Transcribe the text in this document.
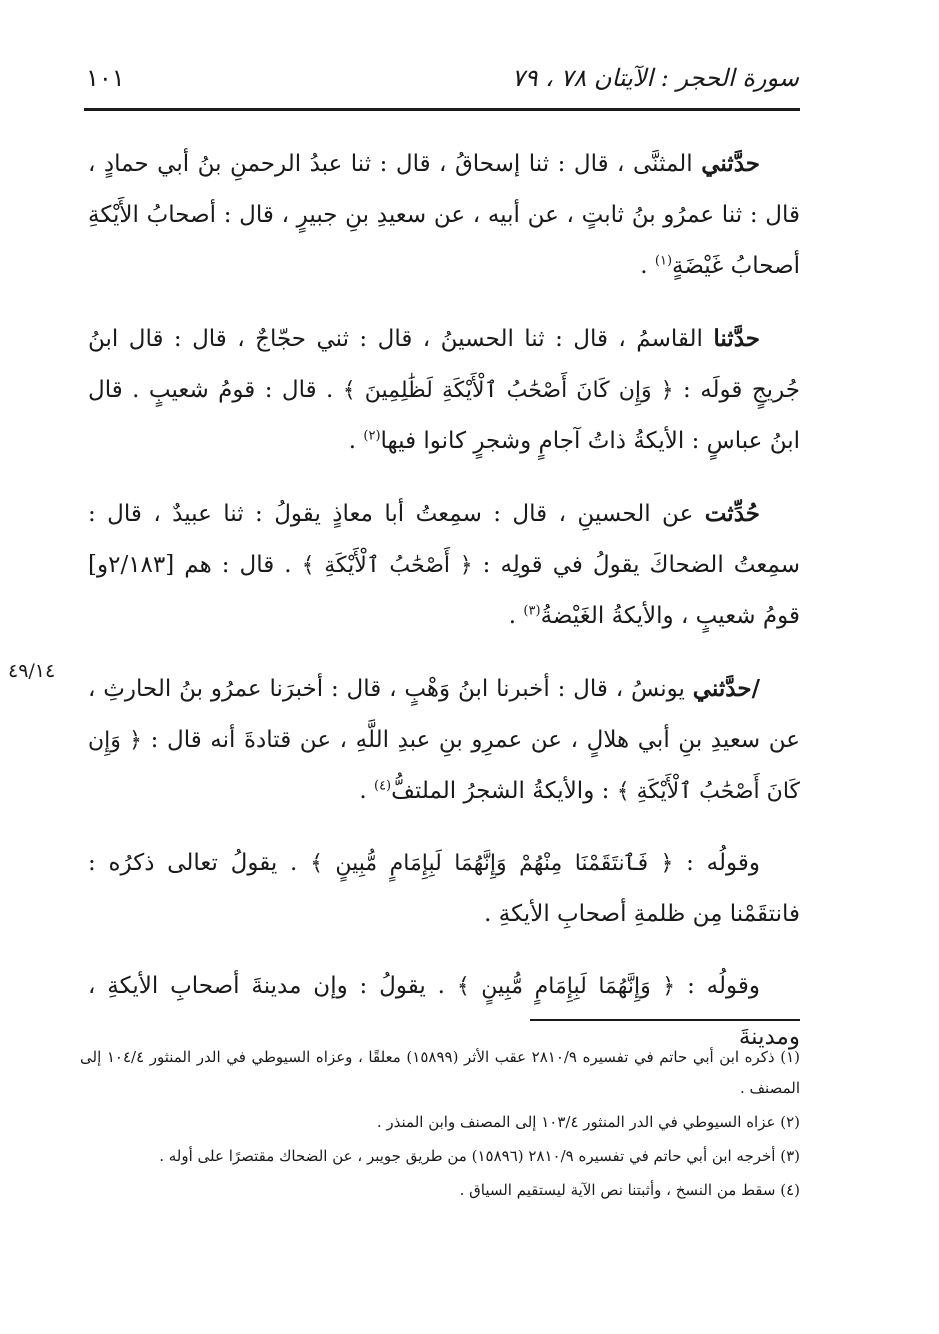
١٠١	سورة الحجر : الآيتان ٧٨ ، ٧٩
٤٩/١٤

حدَّثني المثنَّى ، قال : ثنا إسحاقُ ، قال : ثنا عبدُ الرحمنِ بنُ أبي حمادٍ ، قال : ثنا عمرُو بنُ ثابتٍ ، عن أبيه ، عن سعيدِ بنِ جبيرٍ ، قال : أصحابُ الأَيْكةِ أصحابُ غَيْضَةٍ$^{(١)}$ .

حدَّثنا القاسمُ ، قال : ثنا الحسينُ ، قال : ثني حجّاجٌ ، قال : قال ابنُ جُريجٍ قولَه : ﴿ وَإِن كَانَ أَصْحَٰبُ ٱلْأَيْكَةِ لَظَٰلِمِينَ ﴾ . قال : قومُ شعيبٍ . قال ابنُ عباسٍ : الأيكةُ ذاتُ آجامٍ وشجرٍ كانوا فيها$^{(٢)}$ .

حُدِّثت عن الحسينِ ، قال : سمِعتُ أبا معاذٍ يقولُ : ثنا عبيدٌ ، قال : سمِعتُ الضحاكَ يقولُ في قولِه : ﴿ أَصْحَٰبُ ٱلْأَيْكَةِ ﴾ . قال : هم [٢/١٨٣و] قومُ شعيبٍ ، والأيكةُ الغَيْضةُ$^{(٣)}$ .

/حدَّثني يونسُ ، قال : أخبرنا ابنُ وَهْبٍ ، قال : أخبرَنا عمرُو بنُ الحارثِ ، عن سعيدِ بنِ أبي هلالٍ ، عن عمرِو بنِ عبدِ اللَّهِ ، عن قتادةَ أنه قال : ﴿ وَإِن كَانَ أَصْحَٰبُ ٱلْأَيْكَةِ ﴾ : والأيكةُ الشجرُ الملتفُّ$^{(٤)}$ .

وقولُه : ﴿ فَٱنتَقَمْنَا مِنْهُمْ وَإِنَّهُمَا لَبِإِمَامٍ مُّبِينٍ ﴾ . يقولُ تعالى ذكرُه : فانتقَمْنا مِن ظلمةِ أصحابِ الأيكةِ .

وقولُه : ﴿ وَإِنَّهُمَا لَبِإِمَامٍ مُّبِينٍ ﴾ . يقولُ : وإن مدينةَ أصحابِ الأيكةِ ، ومدينةَ

(١) ذكره ابن أبي حاتم في تفسيره ٢٨١٠/٩ عقب الأثر (١٥٨٩٩) معلقًا ، وعزاه السيوطي في الدر المنثور ١٠٤/٤ إلى المصنف .

(٢) عزاه السيوطي في الدر المنثور ١٠٣/٤ إلى المصنف وابن المنذر .

(٣) أخرجه ابن أبي حاتم في تفسيره ٢٨١٠/٩ (١٥٨٩٦) من طريق جويبر ، عن الضحاك مقتصرًا على أوله .

(٤) سقط من النسخ ، وأثبتنا نص الآية ليستقيم السياق .
